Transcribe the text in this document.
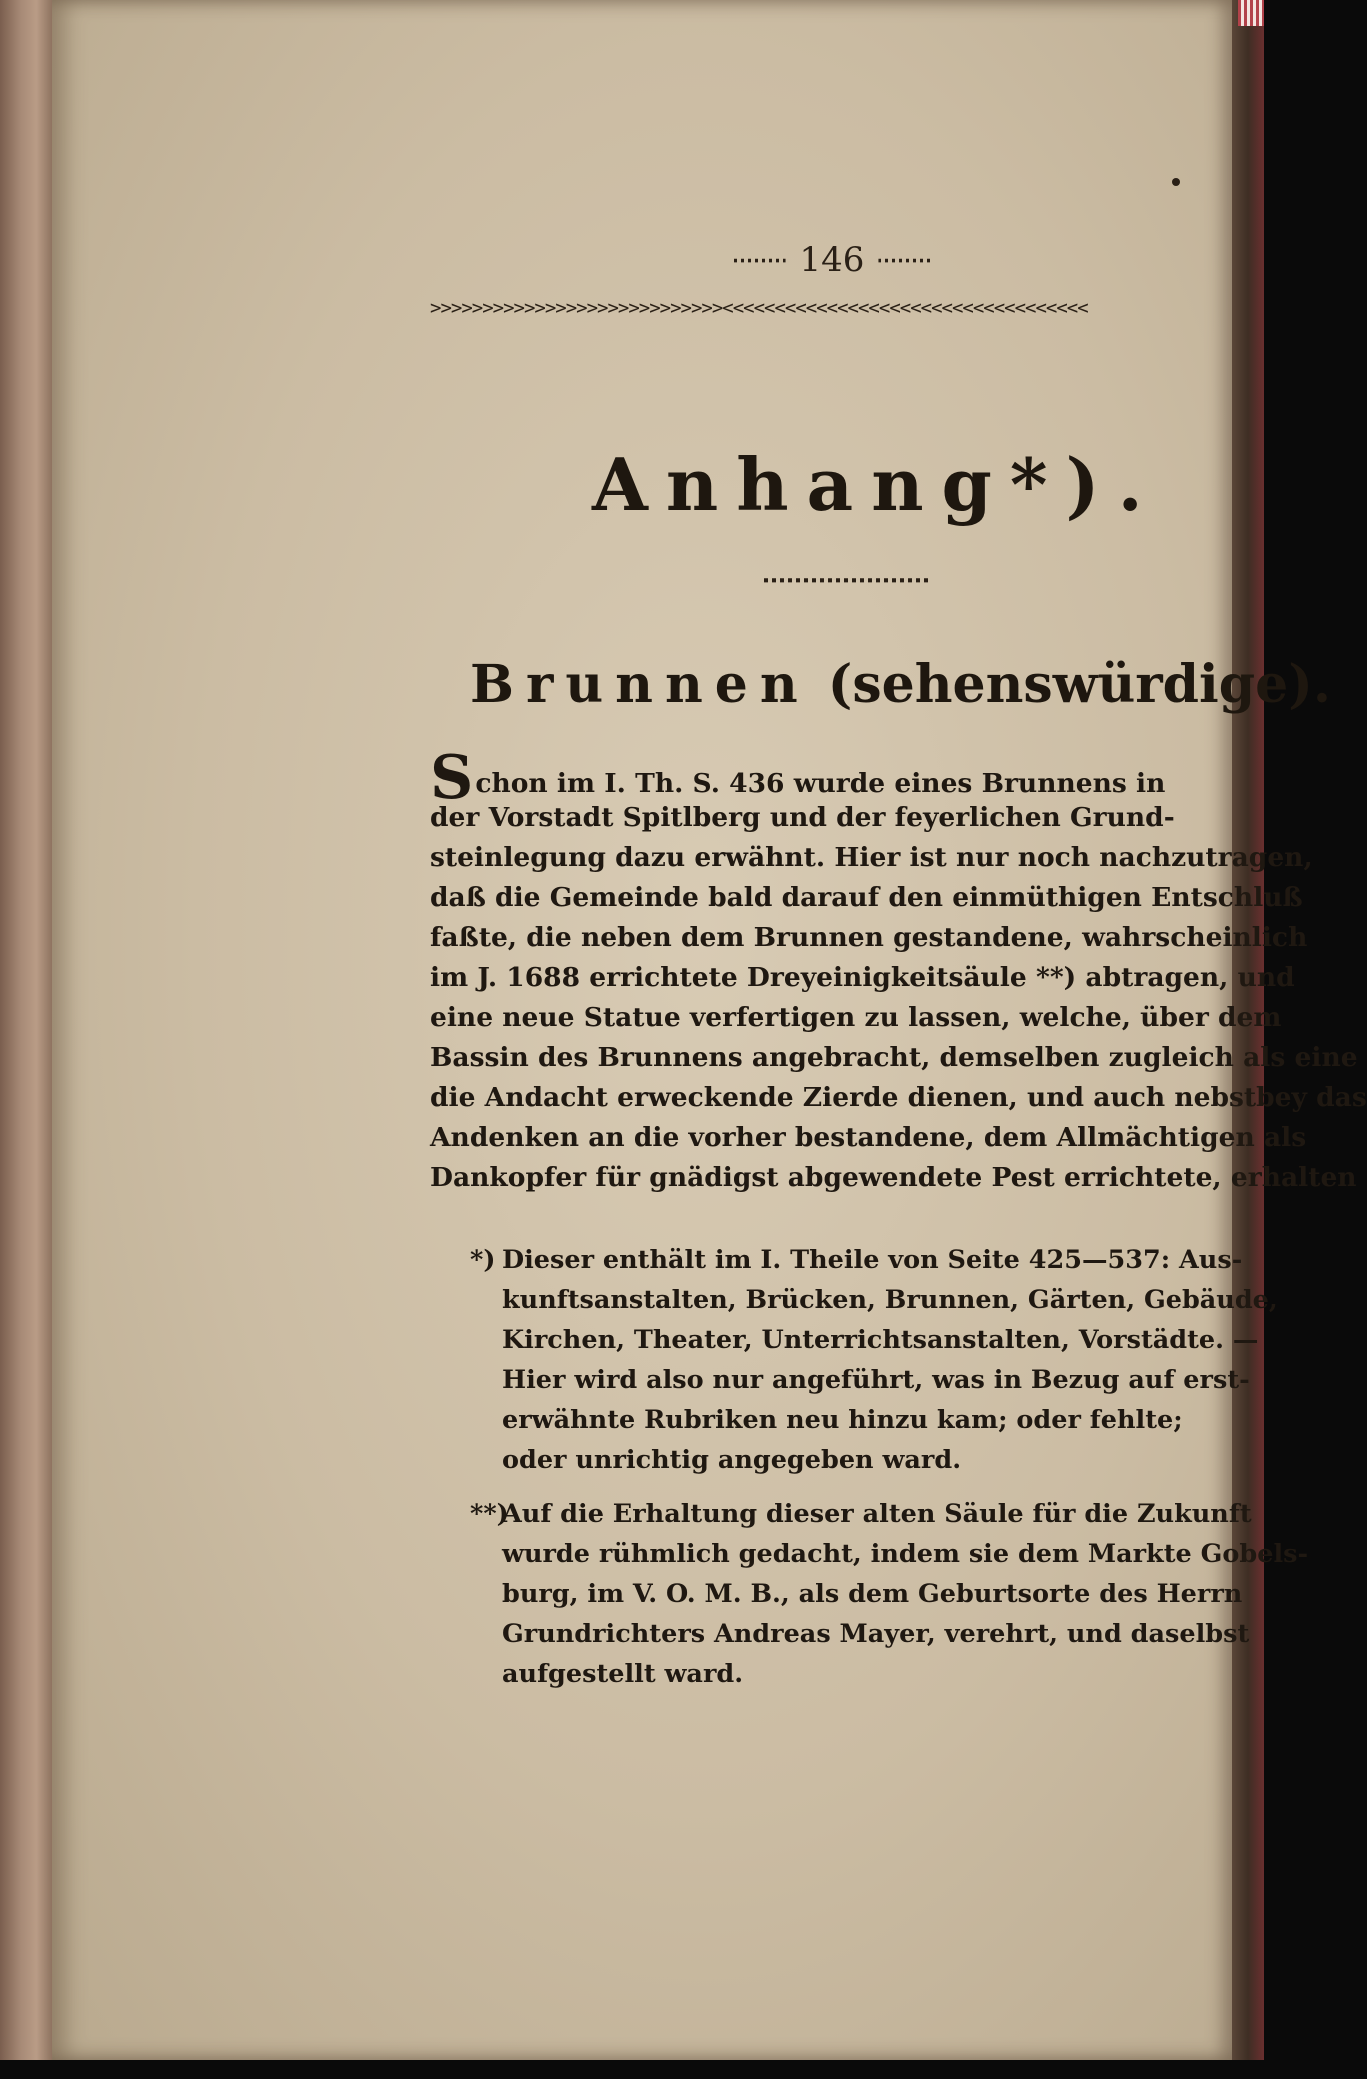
146
>>>>>>>>>>>>>>>>>>>>>>>>>>>><<<<<<<<<<<<<<<<<<<<<<<<<<<<<<<<<<<
Anhang*).
Brunnen (sehenswürdige).
Schon im I. Th. S. 436 wurde eines Brunnens in
der Vorstadt Spitlberg und der feyerlichen Grund-
steinlegung dazu erwähnt. Hier ist nur noch nachzutragen,
daß die Gemeinde bald darauf den einmüthigen Entschluß
faßte, die neben dem Brunnen gestandene, wahrscheinlich
im J. 1688 errichtete Dreyeinigkeitsäule **) abtragen, und
eine neue Statue verfertigen zu lassen, welche, über dem
Bassin des Brunnens angebracht, demselben zugleich als eine
die Andacht erweckende Zierde dienen, und auch nebstbey das
Andenken an die vorher bestandene, dem Allmächtigen als
Dankopfer für gnädigst abgewendete Pest errichtete, erhalten
*) Dieser enthält im I. Theile von Seite 425—537: Aus-
kunftsanstalten, Brücken, Brunnen, Gärten, Gebäude,
Kirchen, Theater, Unterrichtsanstalten, Vorstädte. —
Hier wird also nur angeführt, was in Bezug auf erst-
erwähnte Rubriken neu hinzu kam; oder fehlte;
oder unrichtig angegeben ward.
**)Auf die Erhaltung dieser alten Säule für die Zukunft
wurde rühmlich gedacht, indem sie dem Markte Gobels-
burg, im V. O. M. B., als dem Geburtsorte des Herrn
Grundrichters Andreas Mayer, verehrt, und daselbst
aufgestellt ward.
